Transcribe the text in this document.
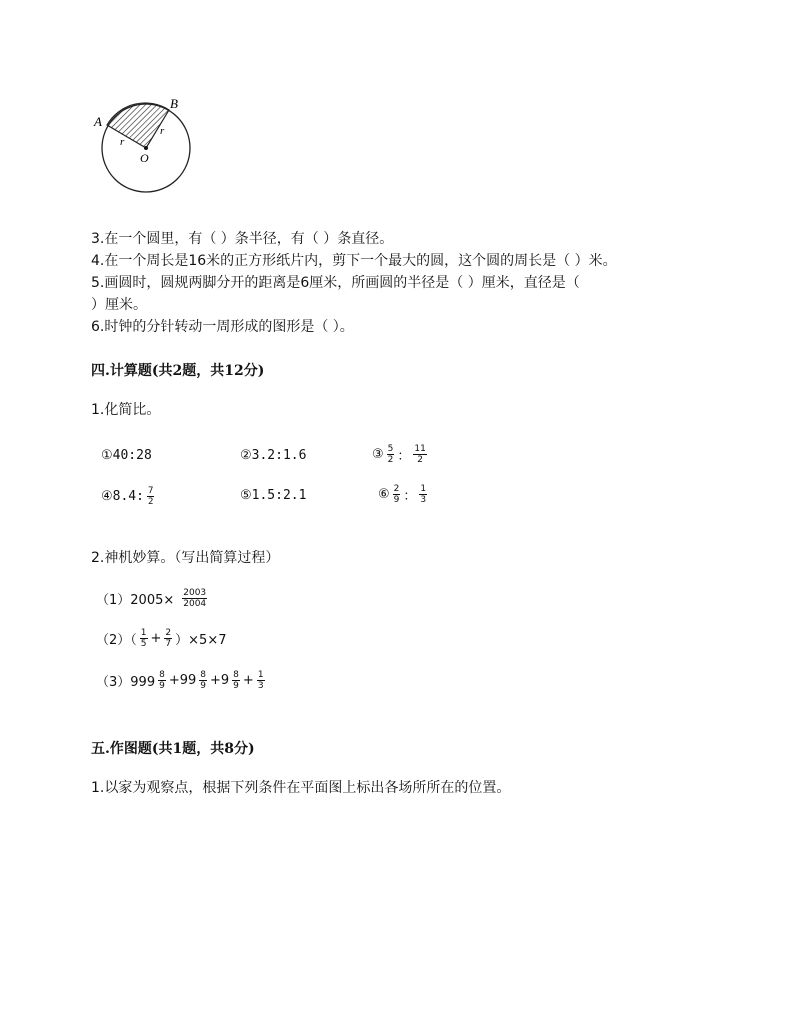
A
B
O
r
r
3.在一个圆里，有（ ）条半径，有（ ）条直径。
4.在一个周长是16米的正方形纸片内，剪下一个最大的圆，这个圆的周长是（ ）米。
5.画圆时，圆规两脚分开的距离是6厘米，所画圆的半径是（ ）厘米，直径是（
）厘米。
6.时钟的分针转动一周形成的图形是（ ）。
四.计算题(共2题，共12分)
1.化简比。
①40:28	②3.2:1.6	③ $\frac{5}{2}$ ： $\frac{11}{2}$
④8.4: $\frac{7}{2}$	⑤1.5:2.1	⑥ $\frac{2}{9}$ ： $\frac{1}{3}$
2.神机妙算。（写出简算过程）
$(1)2005\times \frac{2003}{2004}$
$(2)( \frac{1}{5} + \frac{2}{7} )\times 5\times 7$
$(3)999 \frac{8}{9} +99 \frac{8}{9} +9 \frac{8}{9} + \frac{1}{3}$
五.作图题(共1题，共8分)
1.以家为观察点，根据下列条件在平面图上标出各场所所在的位置。
